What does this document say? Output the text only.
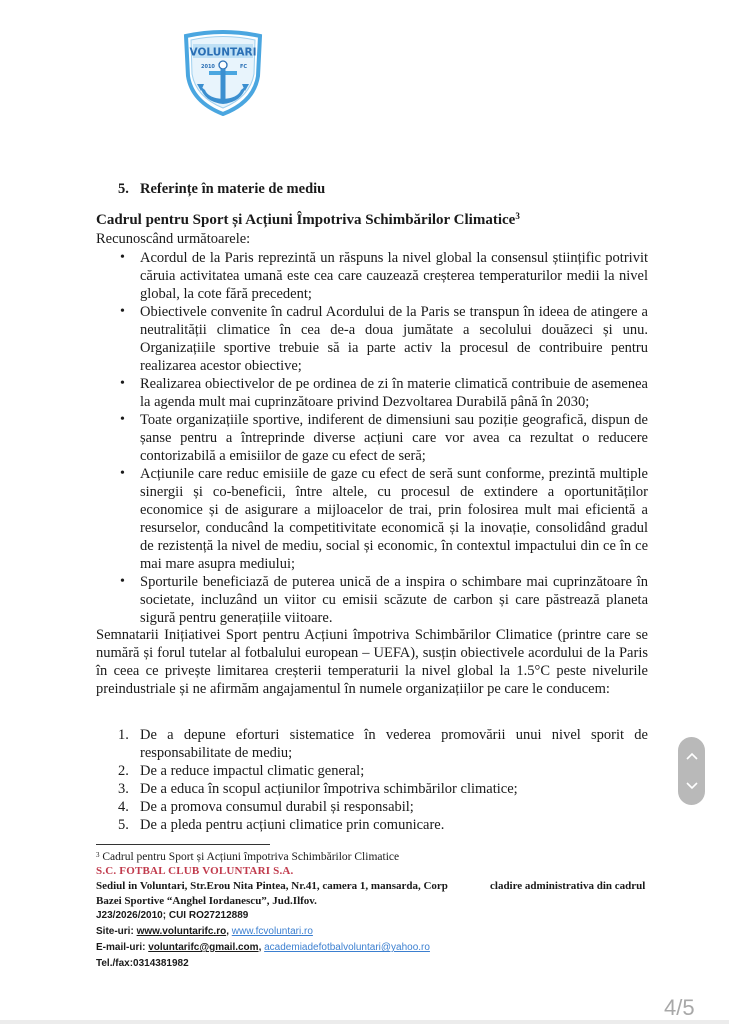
VOLUNTARI
2010	FC
5. Referințe în materie de mediu
Cadrul pentru Sport și Acțiuni Împotriva Schimbărilor Climatice$^3$
Recunoscând următoarele:
• Acordul de la Paris reprezintă un răspuns la nivel global la consensul științific potrivit căruia activitatea umană este cea care cauzează creșterea temperaturilor medii la nivel global, la cote fără precedent;
• Obiectivele convenite în cadrul Acordului de la Paris se transpun în ideea de atingere a neutralității climatice în cea de-a doua jumătate a secolului douăzeci și unu. Organizațiile sportive trebuie să ia parte activ la procesul de contribuire pentru realizarea acestor obiective;
• Realizarea obiectivelor de pe ordinea de zi în materie climatică contribuie de asemenea la agenda mult mai cuprinzătoare privind Dezvoltarea Durabilă până în 2030;
• Toate organizațiile sportive, indiferent de dimensiuni sau poziție geografică, dispun de șanse pentru a întreprinde diverse acțiuni care vor avea ca rezultat o reducere contorizabilă a emisiilor de gaze cu efect de seră;
• Acțiunile care reduc emisiile de gaze cu efect de seră sunt conforme, prezintă multiple sinergii și co-beneficii, între altele, cu procesul de extindere a oportunităților economice și de asigurare a mijloacelor de trai, prin folosirea mult mai eficientă a resurselor, conducând la competitivitate economică și la inovație, consolidând gradul de rezistență la nivel de mediu, social și economic, în contextul impactului din ce în ce mai mare asupra mediului;
• Sporturile beneficiază de puterea unică de a inspira o schimbare mai cuprinzătoare în societate, incluzând un viitor cu emisii scăzute de carbon și care păstrează planeta sigură pentru generațiile viitoare.

Semnatarii Inițiativei Sport pentru Acțiuni împotriva Schimbărilor Climatice (printre care se numără și forul tutelar al fotbalului european – UEFA), susțin obiectivele acordului de la Paris în ceea ce privește limitarea creșterii temperaturii la nivel global la 1.5°C peste nivelurile preindustriale și ne afirmăm angajamentul în numele organizațiilor pe care le conducem:

1. De a depune eforturi sistematice în vederea promovării unui nivel sporit de responsabilitate de mediu;
2. De a reduce impactul climatic general;
3. De a educa în scopul acțiunilor împotriva schimbărilor climatice;
4. De a promova consumul durabil și responsabil;
5. De a pleda pentru acțiuni climatice prin comunicare.
$^3$ Cadrul pentru Sport și Acțiuni împotriva Schimbărilor Climatice
S.C. FOTBAL CLUB VOLUNTARI S.A.
Sediul in Voluntari, Str.Erou Nita Pintea, Nr.41, camera 1, mansarda, Corp	cladire administrativa din cadrul
Bazei Sportive “Anghel Iordanescu”, Jud.Ilfov.
J23/2026/2010; CUI RO27212889
Site-uri: www.voluntarifc.ro, www.fcvoluntari.ro
E-mail-uri: voluntarifc@gmail.com, academiadefotbalvoluntari@yahoo.ro
Tel./fax:0314381982
4/5
